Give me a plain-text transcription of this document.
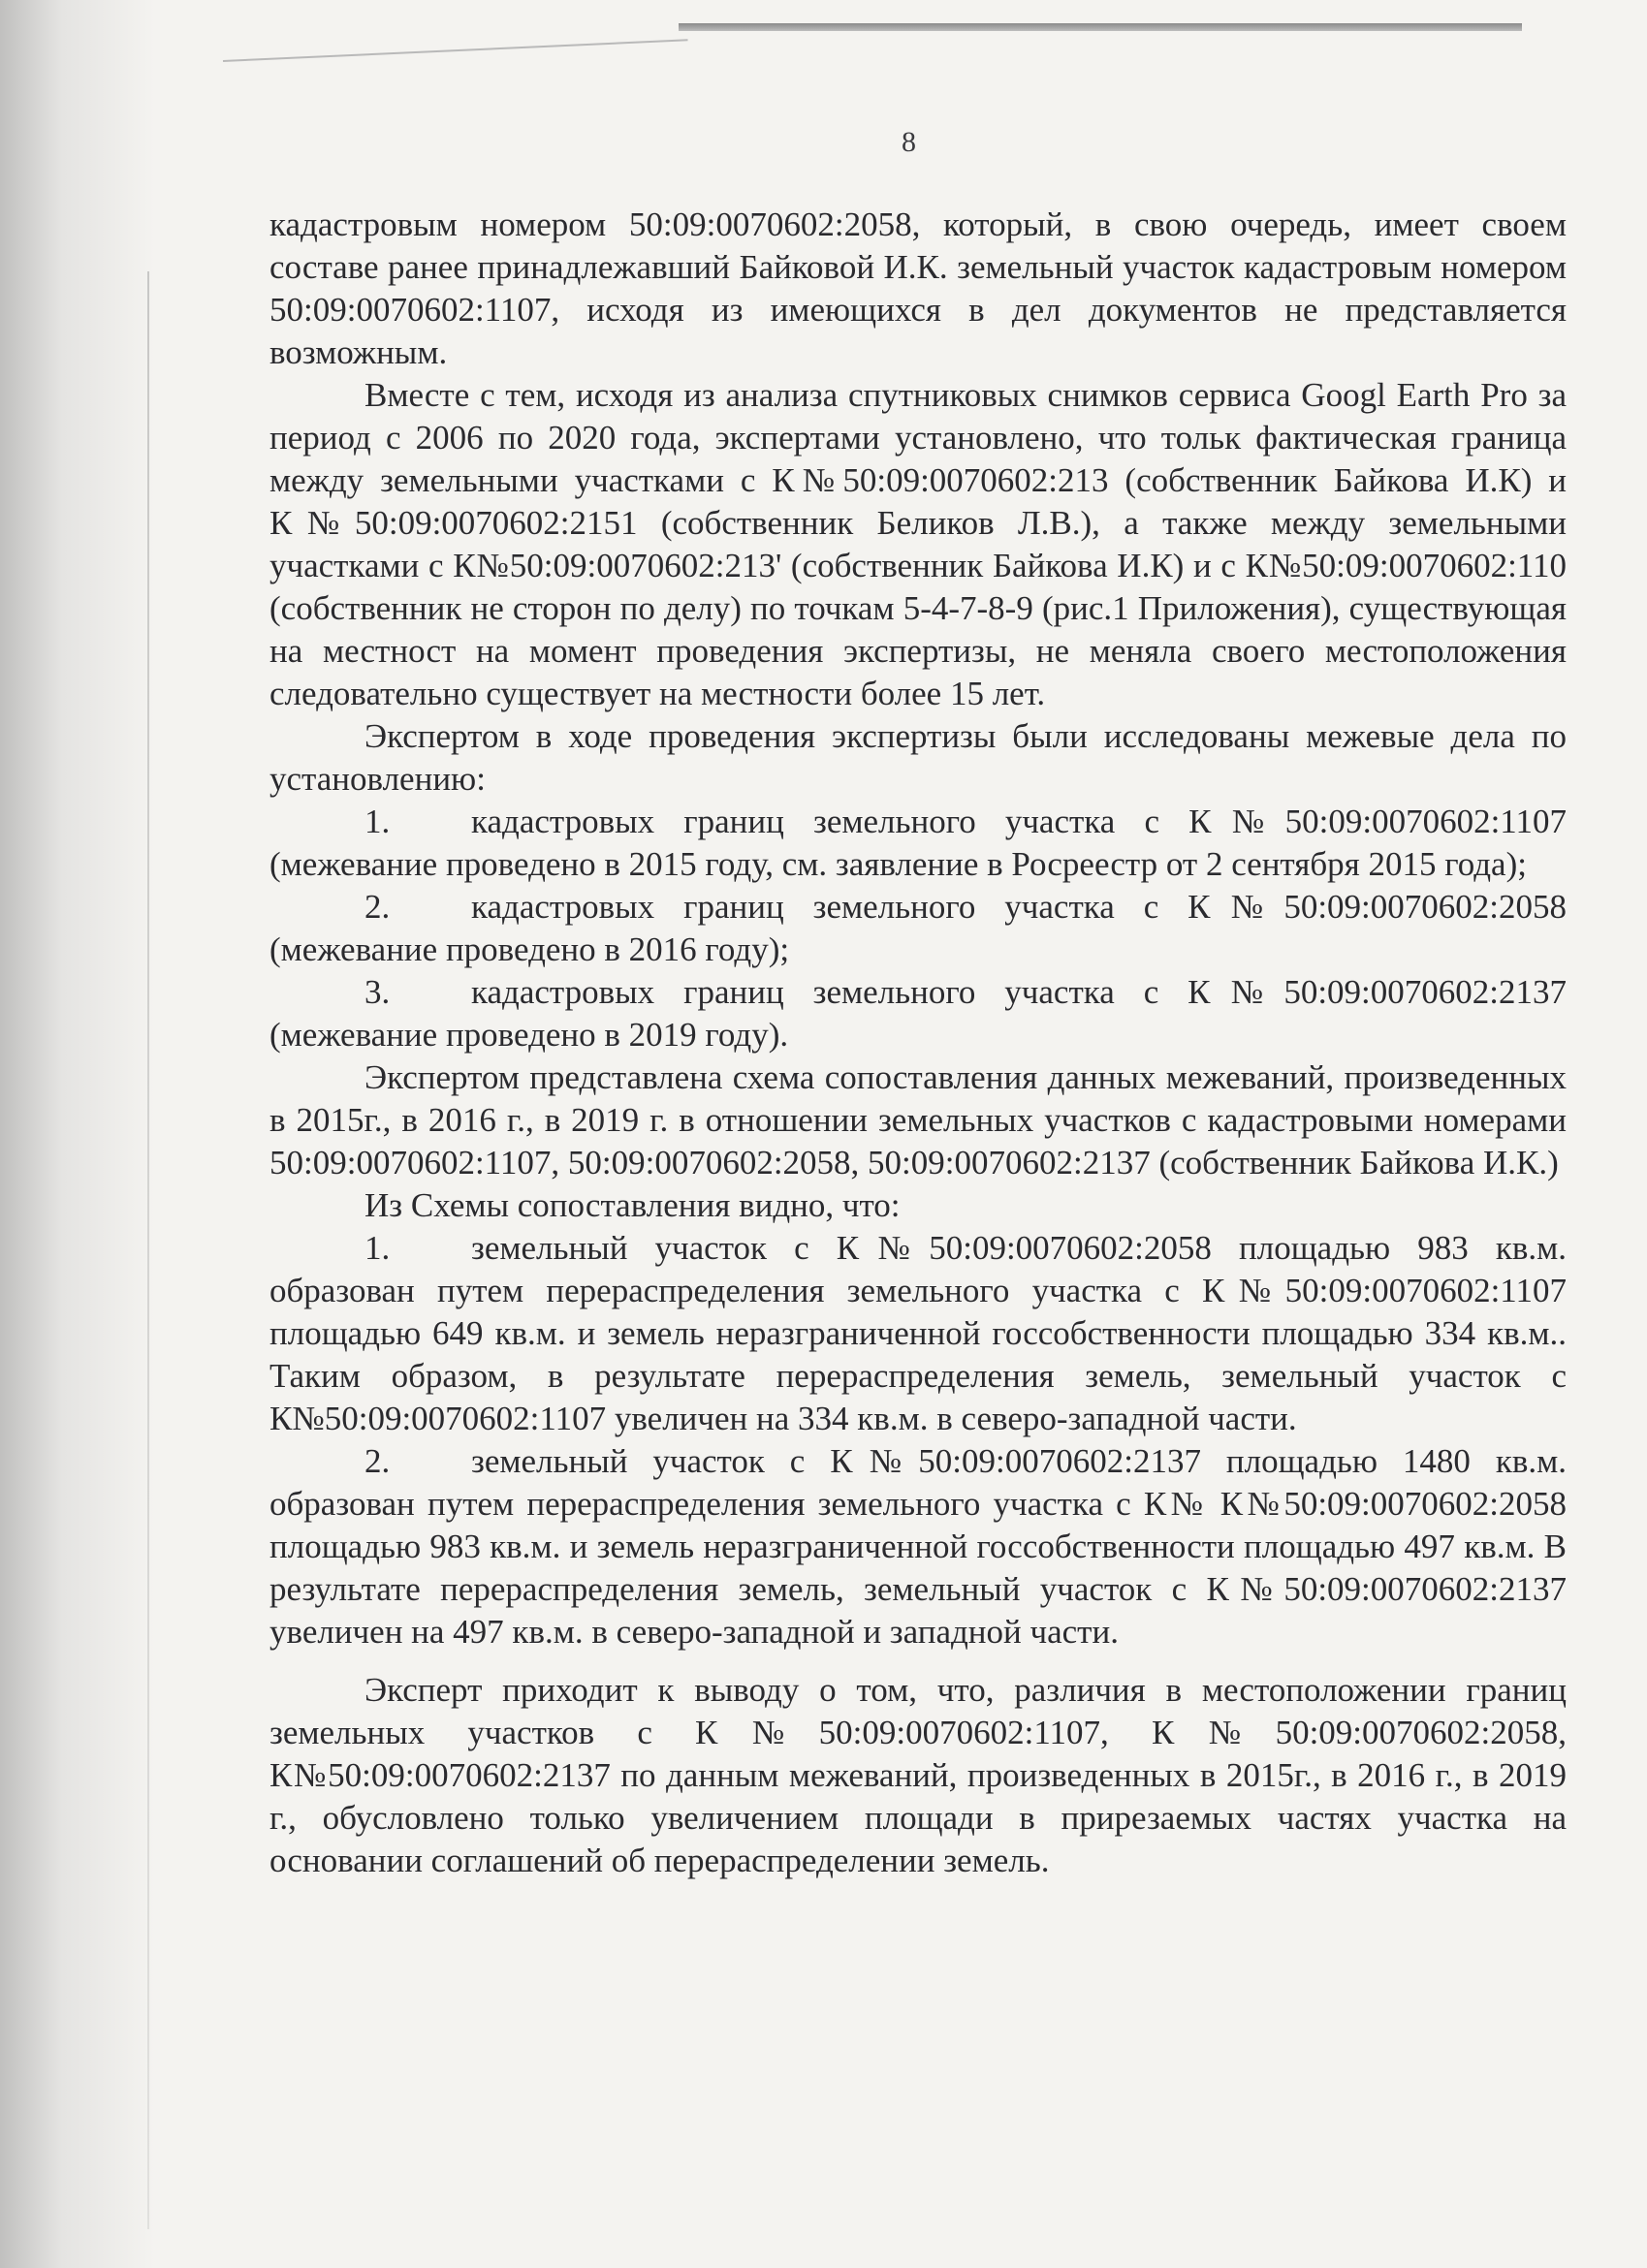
8

кадастровым номером 50:09:0070602:2058, который, в свою очередь, имеет своем составе ранее принадлежавший Байковой И.К. земельный участок кадастровым номером 50:09:0070602:1107, исходя из имеющихся в дел документов не представляется возможным.

Вместе с тем, исходя из анализа спутниковых снимков сервиса Googl Earth Pro за период с 2006 по 2020 года, экспертами установлено, что тольк фактическая граница между земельными участками с К№50:09:0070602:213 (собственник Байкова И.К) и К№50:09:0070602:2151 (собственник Беликов Л.В.), а также между земельными участками с К№50:09:0070602:213' (собственник Байкова И.К) и с К№50:09:0070602:110 (собственник не сторон по делу) по точкам 5-4-7-8-9 (рис.1 Приложения), существующая на местност на момент проведения экспертизы, не меняла своего местоположения следовательно существует на местности более 15 лет.

Экспертом в ходе проведения экспертизы были исследованы межевые дела по установлению:

1. кадастровых границ земельного участка с К№50:09:0070602:1107 (межевание проведено в 2015 году, см. заявление в Росреестр от 2 сентября 2015 года);

2. кадастровых границ земельного участка с К№50:09:0070602:2058 (межевание проведено в 2016 году);

3. кадастровых границ земельного участка с К№50:09:0070602:2137 (межевание проведено в 2019 году).

Экспертом представлена схема сопоставления данных межеваний, произведенных в 2015г., в 2016 г., в 2019 г. в отношении земельных участков с кадастровыми номерами 50:09:0070602:1107, 50:09:0070602:2058, 50:09:0070602:2137 (собственник Байкова И.К.)

Из Схемы сопоставления видно, что:

1. земельный участок с К№50:09:0070602:2058 площадью 983 кв.м. образован путем перераспределения земельного участка с К№50:09:0070602:1107 площадью 649 кв.м. и земель неразграниченной госсобственности площадью 334 кв.м.. Таким образом, в результате перераспределения земель, земельный участок с К№50:09:0070602:1107 увеличен на 334 кв.м. в северо-западной части.

2. земельный участок с К№50:09:0070602:2137 площадью 1480 кв.м. образован путем перераспределения земельного участка с К№ К№50:09:0070602:2058 площадью 983 кв.м. и земель неразграниченной госсобственности площадью 497 кв.м. В результате перераспределения земель, земельный участок с К№50:09:0070602:2137 увеличен на 497 кв.м. в северо-западной и западной части.

Эксперт приходит к выводу о том, что, различия в местоположении границ земельных участков с К№50:09:0070602:1107, К№50:09:0070602:2058, К№50:09:0070602:2137 по данным межеваний, произведенных в 2015г., в 2016 г., в 2019 г., обусловлено только увеличением площади в прирезаемых частях участка на основании соглашений об перераспределении земель.
